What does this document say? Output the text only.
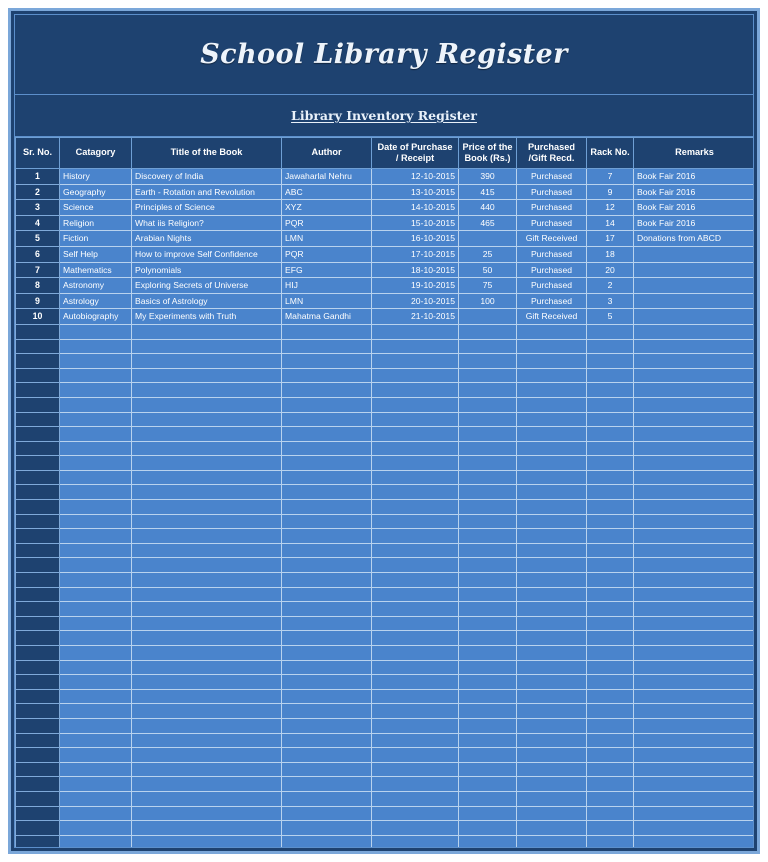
School Library Register
Library Inventory Register
Sr. No.	Catagory	Title of the Book	Author	Date of Purchase / Receipt	Price of the Book (Rs.)	Purchased /Gift Recd.	Rack No.	Remarks
1	History	Discovery of India	Jawaharlal Nehru	12-10-2015	390	Purchased	7	Book Fair 2016
2	Geography	Earth - Rotation and Revolution	ABC	13-10-2015	415	Purchased	9	Book Fair 2016
3	Science	Principles of Science	XYZ	14-10-2015	440	Purchased	12	Book Fair 2016
4	Religion	What iis Religion?	PQR	15-10-2015	465	Purchased	14	Book Fair 2016
5	Fiction	Arabian Nights	LMN	16-10-2015		Gift Received	17	Donations from ABCD
6	Self Help	How to improve Self Confidence	PQR	17-10-2015	25	Purchased	18	
7	Mathematics	Polynomials	EFG	18-10-2015	50	Purchased	20	
8	Astronomy	Exploring Secrets of Universe	HIJ	19-10-2015	75	Purchased	2	
9	Astrology	Basics of Astrology	LMN	20-10-2015	100	Purchased	3	
10	Autobiography	My Experiments with Truth	Mahatma Gandhi	21-10-2015		Gift Received	5	
